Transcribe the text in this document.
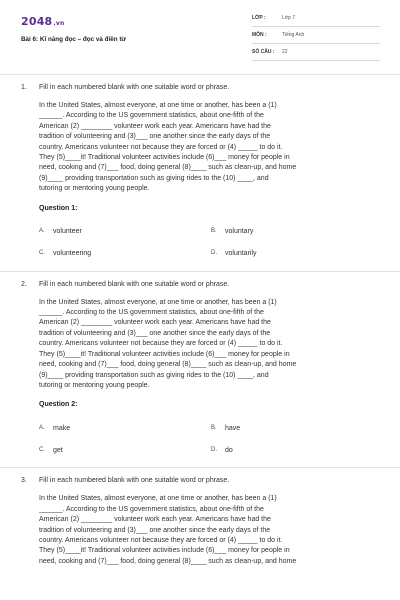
2048.vn
Bài 6: Kĩ năng đọc – đọc và điền từ
LỚP :	Lớp 7
MÔN :	Tiếng Anh
SỐ CÂU :	22
1.	Fill in each numbered blank with one suitable word or phrase.

In the United States, almost everyone, at one time or another, has been a (1)

______. According to the US government statistics, about one-fifth of the

American (2) ________ volunteer work each year. Americans have had the

tradition of volunteering and (3)___ one another since the early days of the

country. Americans volunteer not because they are forced or (4) _____ to do it.

They (5)____it! Traditional volunteer activities include (6)___ money for people in

need, cooking and (7)___ food, doing general (8)____ such as clean-up, and home

(9)____ providing transportation such as giving rides to the (10) ____, and

tutoring or mentoring young people.

Question 1:
A.	volunteer	B.	voluntary
C.	volunteering	D.	voluntarily
2.	Fill in each numbered blank with one suitable word or phrase.

In the United States, almost everyone, at one time or another, has been a (1)

______. According to the US government statistics, about one-fifth of the

American (2) ________ volunteer work each year. Americans have had the

tradition of volunteering and (3)___ one another since the early days of the

country. Americans volunteer not because they are forced or (4) _____ to do it.

They (5)____it! Traditional volunteer activities include (6)___ money for people in

need, cooking and (7)___ food, doing general (8)____ such as clean-up, and home

(9)____ providing transportation such as giving rides to the (10) ____, and

tutoring or mentoring young people.

Question 2:
A.	make	B.	have
C.	get	D.	do
3.	Fill in each numbered blank with one suitable word or phrase.

In the United States, almost everyone, at one time or another, has been a (1)

______. According to the US government statistics, about one-fifth of the

American (2) ________ volunteer work each year. Americans have had the

tradition of volunteering and (3)___ one another since the early days of the

country. Americans volunteer not because they are forced or (4) _____ to do it.

They (5)____it! Traditional volunteer activities include (6)___ money for people in

need, cooking and (7)___ food, doing general (8)____ such as clean-up, and home
